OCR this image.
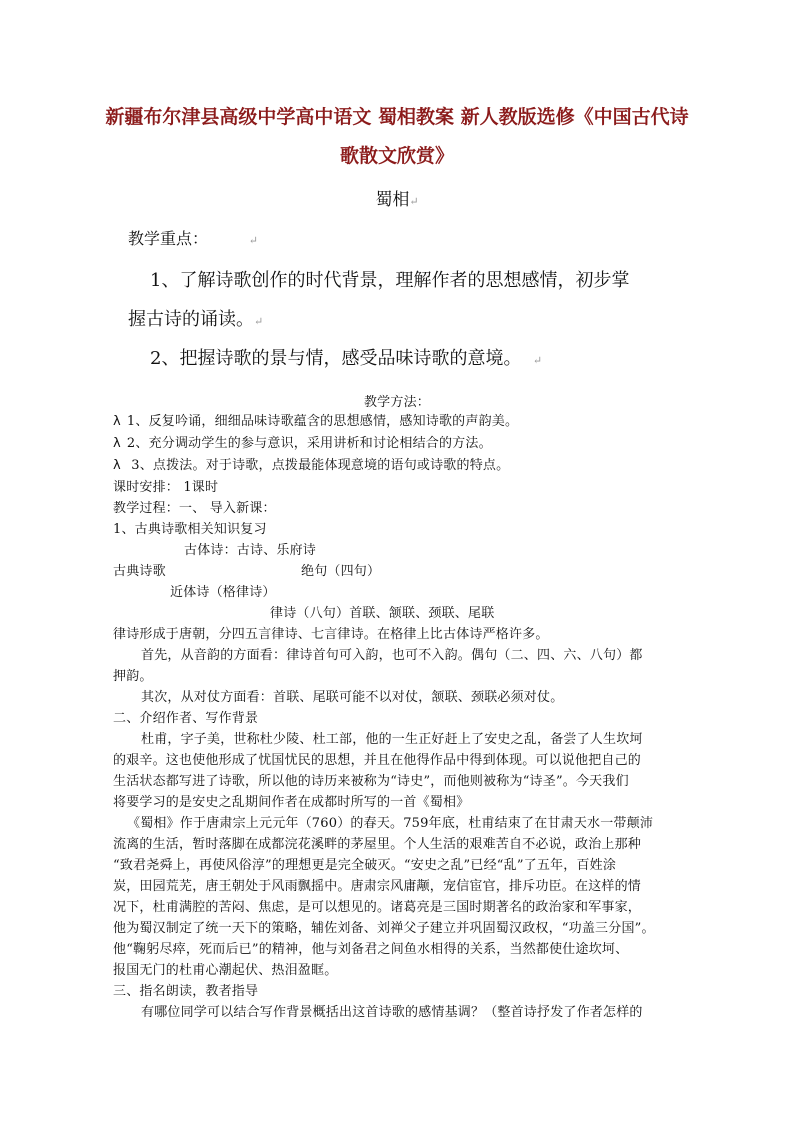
新疆布尔津县高级中学高中语文 蜀相教案 新人教版选修《中国古代诗
歌散文欣赏》
蜀相↵
教学重点：	↵
1、了解诗歌创作的时代背景，理解作者的思想感情，初步掌
握古诗的诵读。↵
2、把握诗歌的景与情，感受品味诗歌的意境。 ↵
教学方法：
λ 1、反复吟诵，细细品味诗歌蕴含的思想感情，感知诗歌的声韵美。
λ 2、充分调动学生的参与意识，采用讲析和讨论相结合的方法。
λ 3、点拨法。对于诗歌，点拨最能体现意境的语句或诗歌的特点。
课时安排： 1课时
教学过程：一、 导入新课：
1、古典诗歌相关知识复习
古体诗：古诗、乐府诗
古典诗歌	绝句（四句）
近体诗（格律诗）
律诗（八句）首联、颔联、颈联、尾联
律诗形成于唐朝，分四五言律诗、七言律诗。在格律上比古体诗严格许多。
首先，从音韵的方面看：律诗首句可入韵，也可不入韵。偶句（二、四、六、八句）都
押韵。
其次，从对仗方面看：首联、尾联可能不以对仗，颔联、颈联必须对仗。
二、介绍作者、写作背景
杜甫，字子美，世称杜少陵、杜工部，他的一生正好赶上了安史之乱，备尝了人生坎坷
的艰辛。这也使他形成了忧国忧民的思想，并且在他得作品中得到体现。可以说他把自己的
生活状态都写进了诗歌，所以他的诗历来被称为“诗史”，而他则被称为“诗圣”。今天我们
将要学习的是安史之乱期间作者在成都时所写的一首《蜀相》
《蜀相》作于唐肃宗上元元年（760）的春天。759年底，杜甫结束了在甘肃天水一带颠沛
流离的生活，暂时落脚在成都浣花溪畔的茅屋里。个人生活的艰难苦自不必说，政治上那种
“致君尧舜上，再使风俗淳”的理想更是完全破灭。“安史之乱”已经“乱”了五年，百姓涂
炭，田园荒芜，唐王朝处于风雨飘摇中。唐肃宗风庸颟，宠信宦官，排斥功臣。在这样的情
况下，杜甫满腔的苦闷、焦虑，是可以想见的。诸葛亮是三国时期著名的政治家和军事家，
他为蜀汉制定了统一天下的策略，辅佐刘备、刘禅父子建立并巩固蜀汉政权，“功盖三分国”。
他“鞠躬尽瘁，死而后已”的精神，他与刘备君之间鱼水相得的关系，当然都使仕途坎坷、
报国无门的杜甫心潮起伏、热泪盈眶。
三、指名朗读，教者指导
有哪位同学可以结合写作背景概括出这首诗歌的感情基调？（整首诗抒发了作者怎样的
